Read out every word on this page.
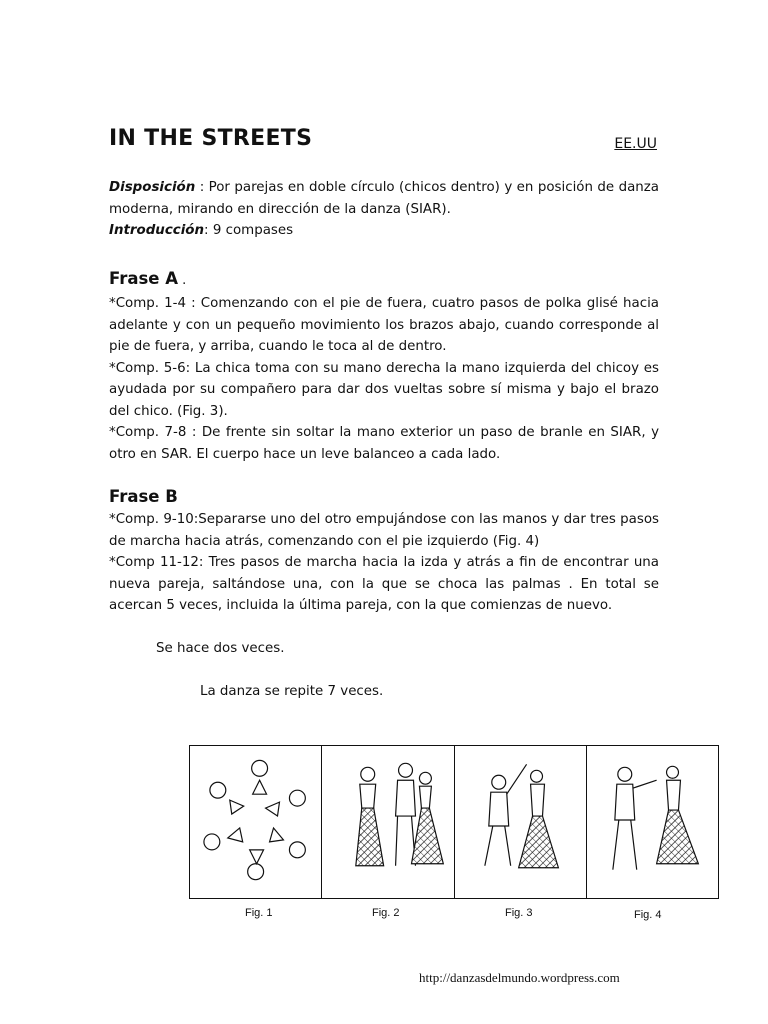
IN THE STREETS	EE.UU

Disposición : Por parejas en doble círculo (chicos dentro) y en posición de danza moderna, mirando en dirección de la danza (SIAR).

Introducción: 9 compases

Frase A .

*Comp. 1-4 : Comenzando con el pie de fuera, cuatro pasos de polka glisé hacia adelante y con un pequeño movimiento los brazos abajo, cuando corresponde al pie de fuera, y arriba, cuando le toca al de dentro.

*Comp. 5-6: La chica toma con su mano derecha la mano izquierda del chicoy es ayudada por su compañero para dar dos vueltas sobre sí misma y bajo el brazo del chico. (Fig. 3).

*Comp. 7-8 : De frente sin soltar la mano exterior un paso de branle en SIAR, y otro en SAR. El cuerpo hace un leve balanceo a cada lado.

Frase B

*Comp. 9-10:Separarse uno del otro empujándose con las manos y dar tres pasos de marcha hacia atrás, comenzando con el pie izquierdo (Fig. 4)

*Comp 11-12: Tres pasos de marcha hacia la izda y atrás a fin de encontrar una nueva pareja, saltándose una, con la que se choca las palmas . En total se acercan 5 veces, incluida la última pareja, con la que comienzas de nuevo.

Se hace dos veces.
La danza se repite 7 veces.
Fig. 1	Fig. 2	Fig. 3	Fig. 4
http://danzasdelmundo.wordpress.com
